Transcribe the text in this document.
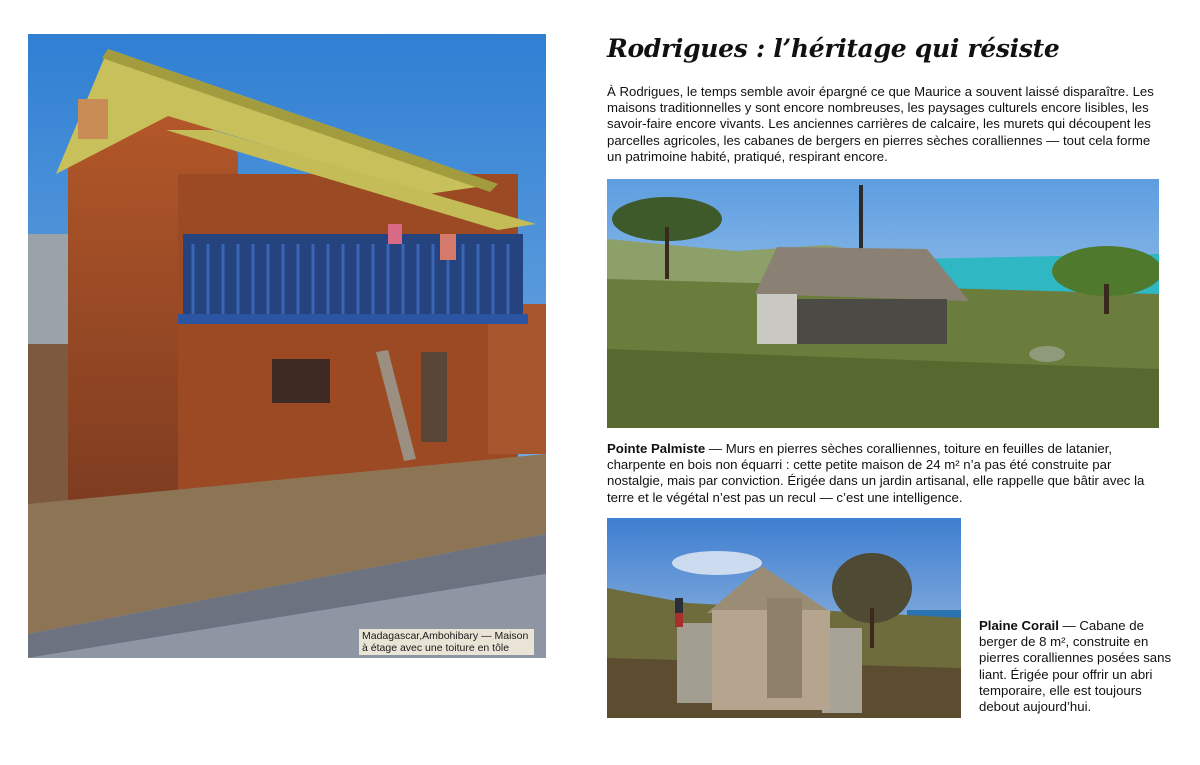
Madagascar,Ambohibary — Maison à étage avec une toiture en tôle
Rodrigues : l’héritage qui résiste
À Rodrigues, le temps semble avoir épargné ce que Maurice a souvent laissé disparaître. Les maisons traditionnelles y sont encore nombreuses, les paysages culturels encore lisibles, les savoir-faire encore vivants. Les anciennes carrières de calcaire, les murets qui découpent les parcelles agricoles, les cabanes de bergers en pierres sèches coralliennes — tout cela forme un patrimoine habité, pratiqué, respirant encore.
Pointe Palmiste — Murs en pierres sèches coralliennes, toiture en feuilles de latanier, charpente en bois non équarri : cette petite maison de 24 m² n’a pas été construite par nostalgie, mais par conviction. Érigée dans un jardin artisanal, elle rappelle que bâtir avec la terre et le végétal n’est pas un recul — c’est une intelligence.
Plaine Corail — Cabane de berger de 8 m², construite en pierres coralliennes posées sans liant. Érigée pour offrir un abri temporaire, elle est toujours debout aujourd’hui.
